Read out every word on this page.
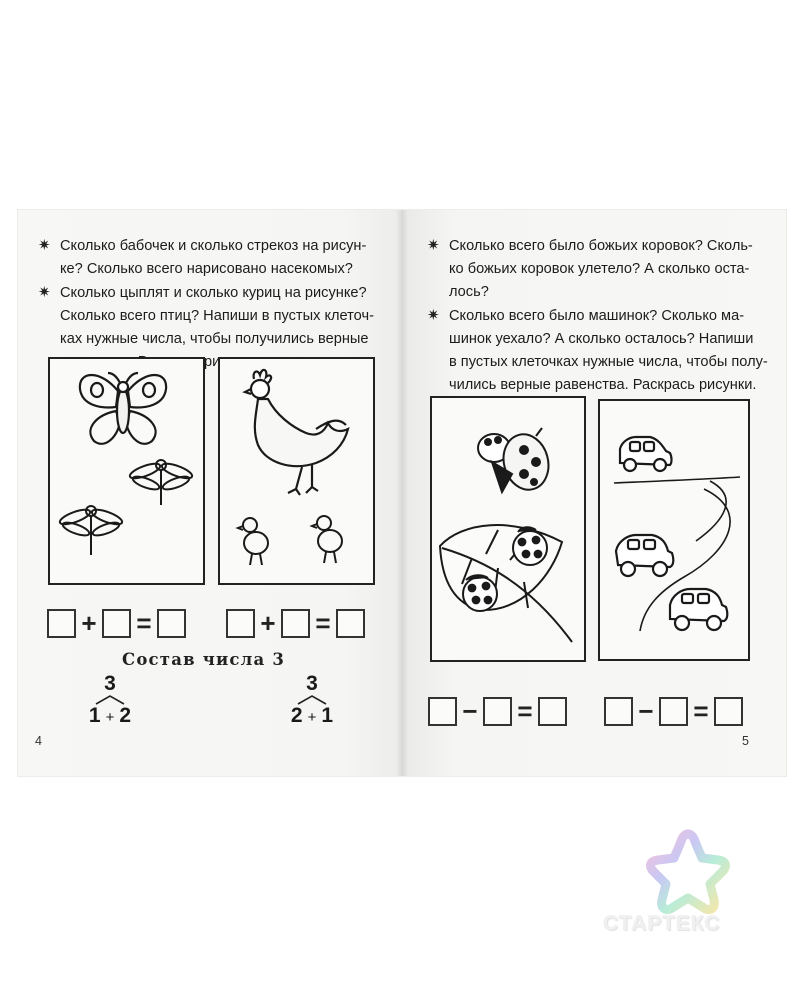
✷ Сколько бабочек и сколько стрекоз на рисун-
ке? Сколько всего нарисовано насекомых?
✷ Сколько цыплят и сколько куриц на рисунке?
Сколько всего птиц? Напиши в пустых клеточ-
ках нужные числа, чтобы получились верные
+ =	+ =
Состав числа 3
3
1 + 2
3
2 + 1
4
✷ Сколько всего было божьих коровок? Сколь-
ко божьих коровок улетело? А сколько оста-
лось?
✷ Сколько всего было машинок? Сколько ма-
шинок уехало? А сколько осталось? Напиши
в пустых клеточках нужные числа, чтобы полу-
чились верные равенства. Раскрась рисунки.
− =	− =
5
СТАРТЕКС
